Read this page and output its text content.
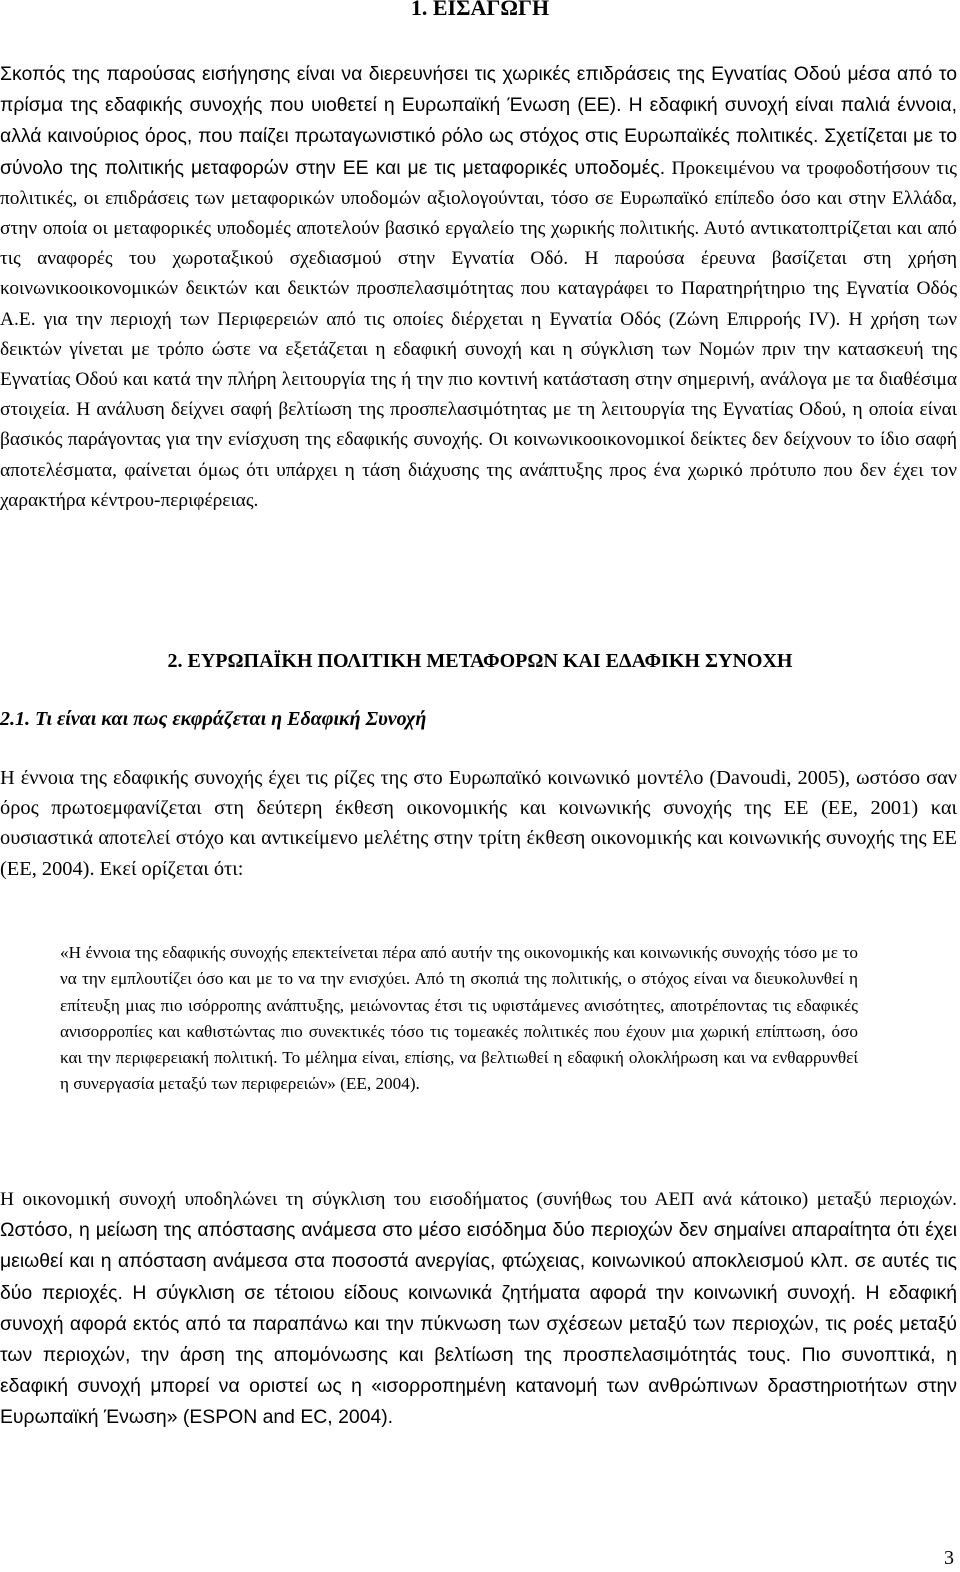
1. ΕΙΣΑΓΩΓΗ

Σκοπός της παρούσας εισήγησης είναι να διερευνήσει τις χωρικές επιδράσεις της Εγνατίας Οδού μέσα από το πρίσμα της εδαφικής συνοχής που υιοθετεί η Ευρωπαϊκή Ένωση (ΕΕ). Η εδαφική συνοχή είναι παλιά έννοια, αλλά καινούριος όρος, που παίζει πρωταγωνιστικό ρόλο ως στόχος στις Ευρωπαϊκές πολιτικές. Σχετίζεται με το σύνολο της πολιτικής μεταφορών στην ΕΕ και με τις μεταφορικές υποδομές. Προκειμένου να τροφοδοτήσουν τις πολιτικές, οι επιδράσεις των μεταφορικών υποδομών αξιολογούνται, τόσο σε Ευρωπαϊκό επίπεδο όσο και στην Ελλάδα, στην οποία οι μεταφορικές υποδομές αποτελούν βασικό εργαλείο της χωρικής πολιτικής. Αυτό αντικατοπτρίζεται και από τις αναφορές του χωροταξικού σχεδιασμού στην Εγνατία Οδό. Η παρούσα έρευνα βασίζεται στη χρήση κοινωνικοοικονομικών δεικτών και δεικτών προσπελασιμότητας που καταγράφει το Παρατηρήτηριο της Εγνατία Οδός Α.Ε. για την περιοχή των Περιφερειών από τις οποίες διέρχεται η Εγνατία Οδός (Ζώνη Επιρροής IV). Η χρήση των δεικτών γίνεται με τρόπο ώστε να εξετάζεται η εδαφική συνοχή και η σύγκλιση των Νομών πριν την κατασκευή της Εγνατίας Οδού και κατά την πλήρη λειτουργία της ή την πιο κοντινή κατάσταση στην σημερινή, ανάλογα με τα διαθέσιμα στοιχεία. Η ανάλυση δείχνει σαφή βελτίωση της προσπελασιμότητας με τη λειτουργία της Εγνατίας Οδού, η οποία είναι βασικός παράγοντας για την ενίσχυση της εδαφικής συνοχής. Οι κοινωνικοοικονομικοί δείκτες δεν δείχνουν το ίδιο σαφή αποτελέσματα, φαίνεται όμως ότι υπάρχει η τάση διάχυσης της ανάπτυξης προς ένα χωρικό πρότυπο που δεν έχει τον χαρακτήρα κέντρου-περιφέρειας.

2. ΕΥΡΩΠΑΪΚΗ ΠΟΛΙΤΙΚΗ ΜΕΤΑΦΟΡΩΝ ΚΑΙ ΕΔΑΦΙΚΗ ΣΥΝΟΧΗ
2.1. Τι είναι και πως εκφράζεται η Εδαφική Συνοχή

Η έννοια της εδαφικής συνοχής έχει τις ρίζες της στο Ευρωπαϊκό κοινωνικό μοντέλο (Davoudi, 2005), ωστόσο σαν όρος πρωτοεμφανίζεται στη δεύτερη έκθεση οικονομικής και κοινωνικής συνοχής της ΕΕ (ΕΕ, 2001) και ουσιαστικά αποτελεί στόχο και αντικείμενο μελέτης στην τρίτη έκθεση οικονομικής και κοινωνικής συνοχής της ΕΕ (ΕΕ, 2004). Εκεί ορίζεται ότι:

«Η έννοια της εδαφικής συνοχής επεκτείνεται πέρα από αυτήν της οικονομικής και κοινωνικής συνοχής τόσο με το να την εμπλουτίζει όσο και με το να την ενισχύει. Από τη σκοπιά της πολιτικής, ο στόχος είναι να διευκολυνθεί η επίτευξη μιας πιο ισόρροπης ανάπτυξης, μειώνοντας έτσι τις υφιστάμενες ανισότητες, αποτρέποντας τις εδαφικές ανισορροπίες και καθιστώντας πιο συνεκτικές τόσο τις τομεακές πολιτικές που έχουν μια χωρική επίπτωση, όσο και την περιφερειακή πολιτική. Το μέλημα είναι, επίσης, να βελτιωθεί η εδαφική ολοκλήρωση και να ενθαρρυνθεί η συνεργασία μεταξύ των περιφερειών» (ΕΕ, 2004).

Η οικονομική συνοχή υποδηλώνει τη σύγκλιση του εισοδήματος (συνήθως του ΑΕΠ ανά κάτοικο) μεταξύ περιοχών. Ωστόσο, η μείωση της απόστασης ανάμεσα στο μέσο εισόδημα δύο περιοχών δεν σημαίνει απαραίτητα ότι έχει μειωθεί και η απόσταση ανάμεσα στα ποσοστά ανεργίας, φτώχειας, κοινωνικού αποκλεισμού κλπ. σε αυτές τις δύο περιοχές. Η σύγκλιση σε τέτοιου είδους κοινωνικά ζητήματα αφορά την κοινωνική συνοχή. Η εδαφική συνοχή αφορά εκτός από τα παραπάνω και την πύκνωση των σχέσεων μεταξύ των περιοχών, τις ροές μεταξύ των περιοχών, την άρση της απομόνωσης και βελτίωση της προσπελασιμότητάς τους. Πιο συνοπτικά, η εδαφική συνοχή μπορεί να οριστεί ως η «ισορροπημένη κατανομή των ανθρώπινων δραστηριοτήτων στην Ευρωπαϊκή Ένωση» (ESPON and EC, 2004).

3
